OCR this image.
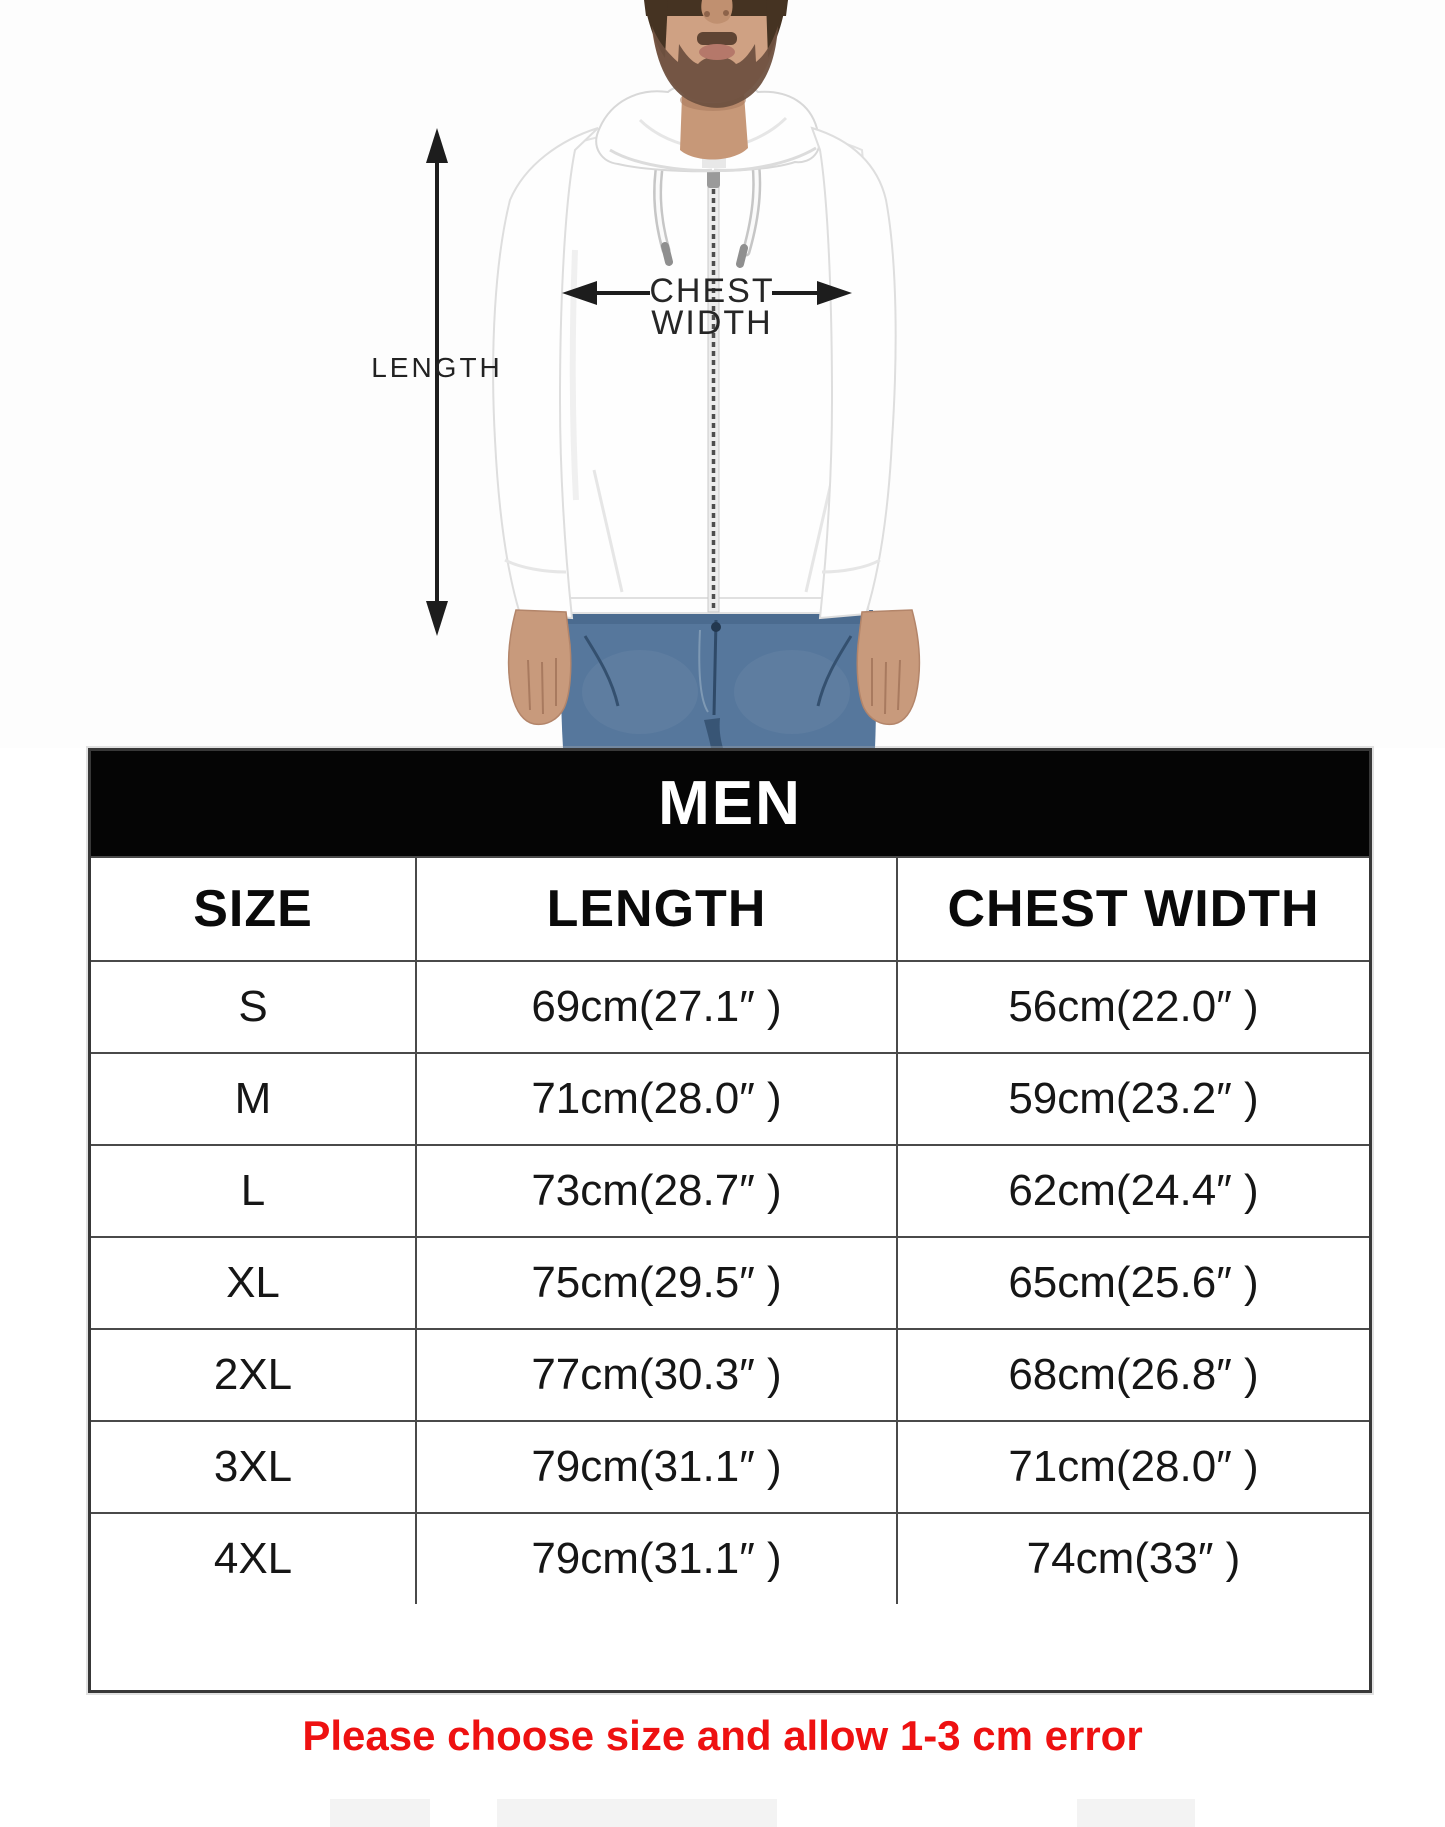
LENGTH
CHEST
WIDTH
MEN
SIZE	LENGTH	CHEST WIDTH
S	69cm(27.1″ )	56cm(22.0″ )
M	71cm(28.0″ )	59cm(23.2″ )
L	73cm(28.7″ )	62cm(24.4″ )
XL	75cm(29.5″ )	65cm(25.6″ )
2XL	77cm(30.3″ )	68cm(26.8″ )
3XL	79cm(31.1″ )	71cm(28.0″ )
4XL	79cm(31.1″ )	74cm(33″ )
Please choose size and allow 1-3 cm error
